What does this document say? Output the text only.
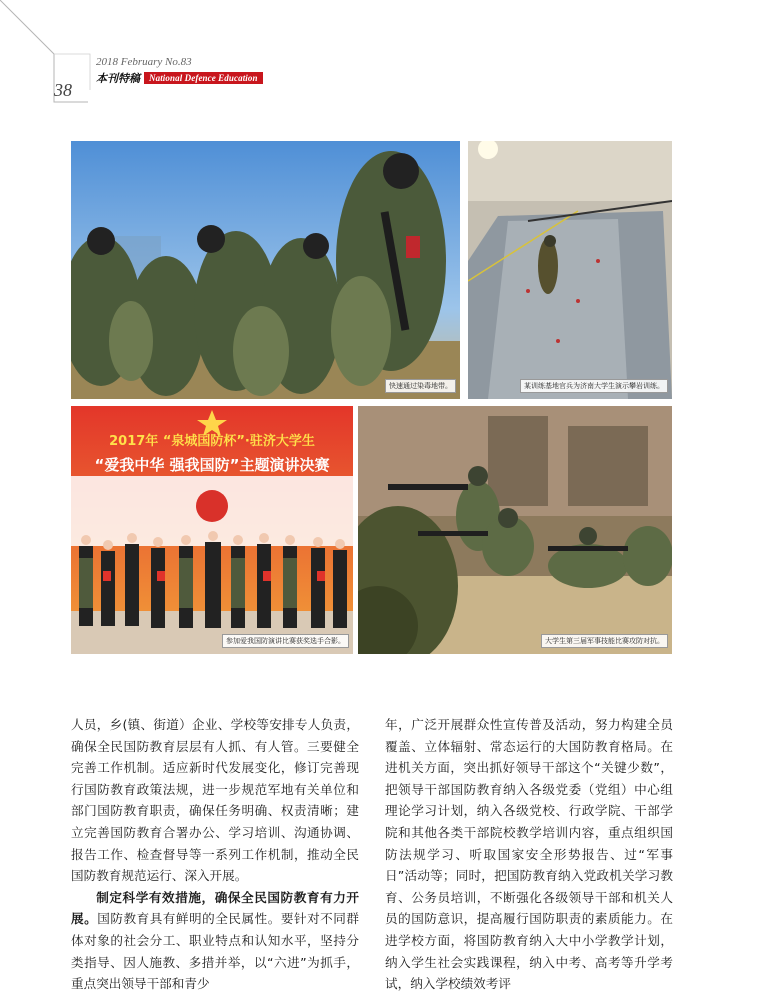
38
2018 February No.83
本刊特稿	National Defence Education
快速通过染毒地带。	某训练基地官兵为济南大学生演示攀岩训练。
2017年 “泉城国防杯”·驻济大学生
“爱我中华 强我国防”主题演讲决赛
参加爱我国防演讲比赛获奖选手合影。	大学生第三届军事技能比赛攻防对抗。

人员，乡(镇、街道）企业、学校等安排专人负责，确保全民国防教育层层有人抓、有人管。三要健全完善工作机制。适应新时代发展变化，修订完善现行国防教育政策法规，进一步规范军地有关单位和部门国防教育职责，确保任务明确、权责清晰；建立完善国防教育合署办公、学习培训、沟通协调、报告工作、检查督导等一系列工作机制，推动全民国防教育规范运行、深入开展。

制定科学有效措施，确保全民国防教育有力开展。国防教育具有鲜明的全民属性。要针对不同群体对象的社会分工、职业特点和认知水平，坚持分类指导、因人施教、多措并举，以“六进”为抓手，重点突出领导干部和青少

年，广泛开展群众性宣传普及活动，努力构建全员覆盖、立体辐射、常态运行的大国防教育格局。在进机关方面，突出抓好领导干部这个“关键少数”，把领导干部国防教育纳入各级党委（党组）中心组理论学习计划，纳入各级党校、行政学院、干部学院和其他各类干部院校教学培训内容，重点组织国防法规学习、听取国家安全形势报告、过“军事日”活动等；同时，把国防教育纳入党政机关学习教育、公务员培训，不断强化各级领导干部和机关人员的国防意识，提高履行国防职责的素质能力。在进学校方面，将国防教育纳入大中小学教学计划，纳入学生社会实践课程，纳入中考、高考等升学考试，纳入学校绩效考评
